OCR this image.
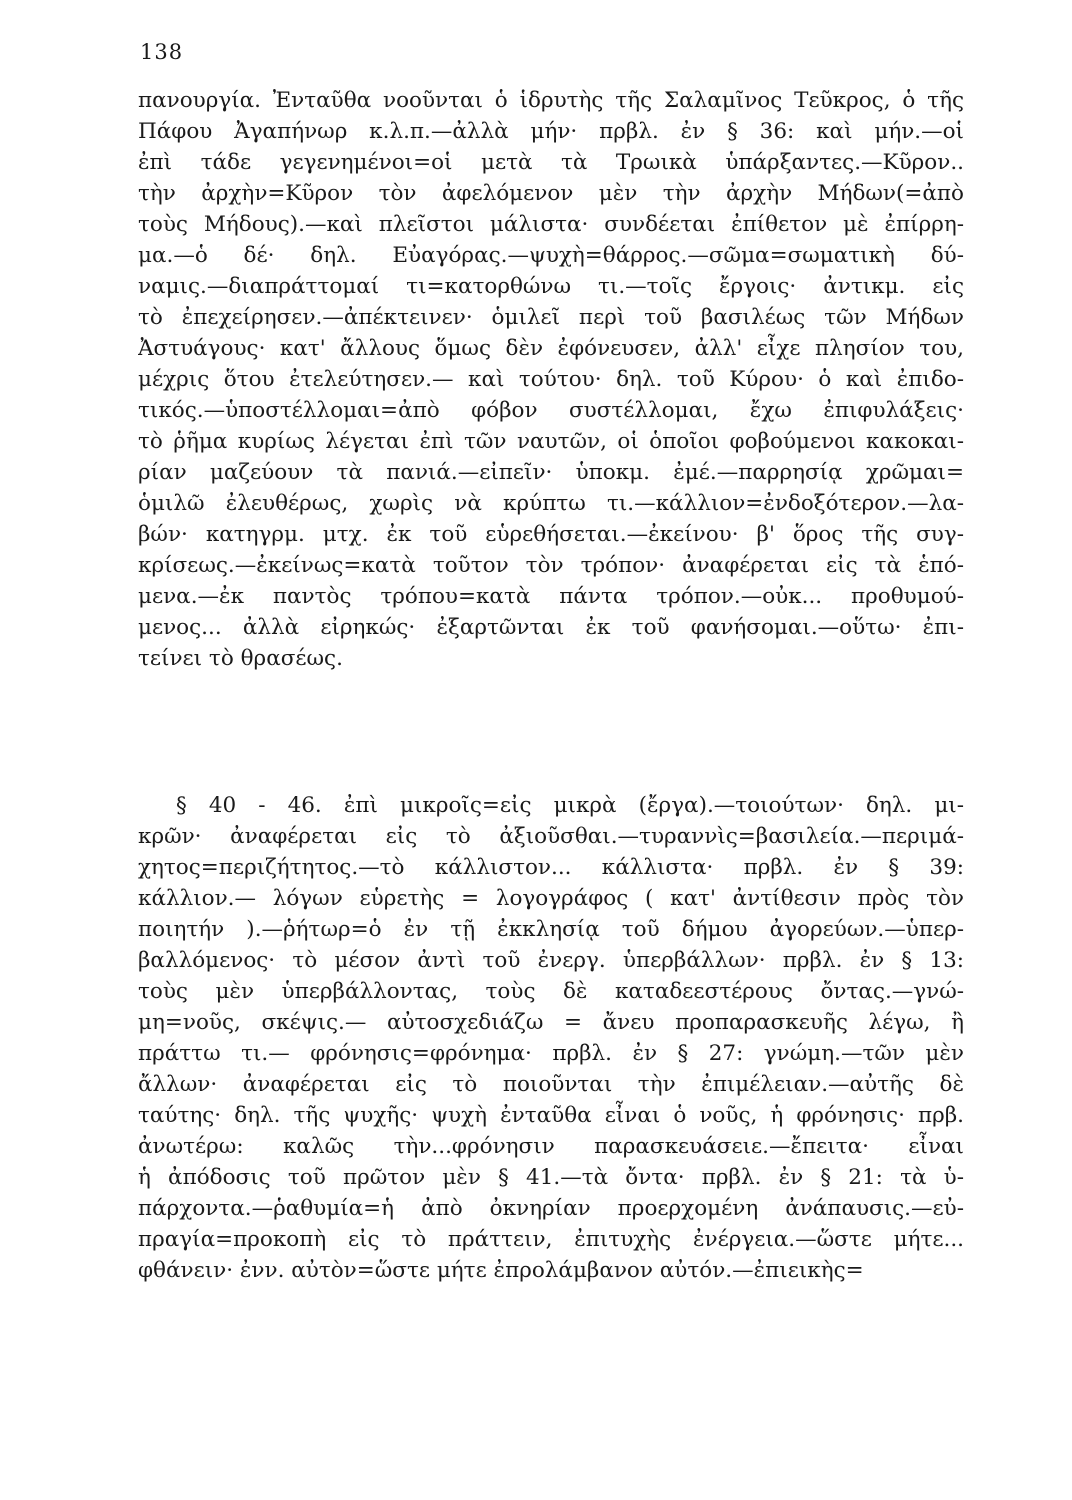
138
πανουργία. Ἐνταῦθα νοοῦνται ὁ ἱδρυτὴς τῆς Σαλαμῖνος Τεῦκρος, ὁ τῆς
Πάφου Ἀγαπήνωρ κ.λ.π.—ἀλλὰ μήν· πρβλ. ἐν § 36: καὶ μήν.—οἱ
ἐπὶ τάδε γεγενημένοι=οἱ μετὰ τὰ Τρωικὰ ὑπάρξαντες.—Κῦρον..
τὴν ἀρχὴν=Κῦρον τὸν ἀφελόμενον μὲν τὴν ἀρχὴν Μήδων(=ἀπὸ
τοὺς Μήδους).—καὶ πλεῖστοι μάλιστα· συνδέεται ἐπίθετον μὲ ἐπίρρη-
μα.—ὁ δέ· δηλ. Εὐαγόρας.—ψυχὴ=θάρρος.—σῶμα=σωματικὴ δύ-
ναμις.—διαπράττομαί τι=κατορθώνω τι.—τοῖς ἔργοις· ἀντικμ. εἰς
τὸ ἐπεχείρησεν.—ἀπέκτεινεν· ὁμιλεῖ περὶ τοῦ βασιλέως τῶν Μήδων
Ἀστυάγους· κατ' ἄλλους ὅμως δὲν ἐφόνευσεν, ἀλλ' εἶχε πλησίον του,
μέχρις ὅτου ἐτελεύτησεν.— καὶ τούτου· δηλ. τοῦ Κύρου· ὁ καὶ ἐπιδο-
τικός.—ὑποστέλλομαι=ἀπὸ φόβον συστέλλομαι, ἔχω ἐπιφυλάξεις·
τὸ ῥῆμα κυρίως λέγεται ἐπὶ τῶν ναυτῶν, οἱ ὁποῖοι φοβούμενοι κακοκαι-
ρίαν μαζεύουν τὰ πανιά.—εἰπεῖν· ὑποκμ. ἐμέ.—παρρησίᾳ χρῶμαι=
ὁμιλῶ ἐλευθέρως, χωρὶς νὰ κρύπτω τι.—κάλλιον=ἐνδοξότερον.—λα-
βών· κατηγρμ. μτχ. ἐκ τοῦ εὑρεθήσεται.—ἐκείνου· β' ὅρος τῆς συγ-
κρίσεως.—ἐκείνως=κατὰ τοῦτον τὸν τρόπον· ἀναφέρεται εἰς τὰ ἑπό-
μενα.—ἐκ παντὸς τρόπου=κατὰ πάντα τρόπον.—οὐκ... προθυμού-
μενος... ἀλλὰ εἰρηκώς· ἐξαρτῶνται ἐκ τοῦ φανήσομαι.—οὕτω· ἐπι-
τείνει τὸ θρασέως.
§ 40 - 46. ἐπὶ μικροῖς=εἰς μικρὰ (ἔργα).—τοιούτων· δηλ. μι-
κρῶν· ἀναφέρεται εἰς τὸ ἀξιοῦσθαι.—τυραννὶς=βασιλεία.—περιμά-
χητος=περιζήτητος.—τὸ κάλλιστον... κάλλιστα· πρβλ. ἐν § 39:
κάλλιον.— λόγων εὑρετὴς = λογογράφος ( κατ' ἀντίθεσιν πρὸς τὸν
ποιητήν ).—ῥήτωρ=ὁ ἐν τῇ ἐκκλησίᾳ τοῦ δήμου ἀγορεύων.—ὑπερ-
βαλλόμενος· τὸ μέσον ἀντὶ τοῦ ἐνεργ. ὑπερβάλλων· πρβλ. ἐν § 13:
τοὺς μὲν ὑπερβάλλοντας, τοὺς δὲ καταδεεστέρους ὄντας.—γνώ-
μη=νοῦς, σκέψις.— αὐτοσχεδιάζω = ἄνευ προπαρασκευῆς λέγω, ἢ
πράττω τι.— φρόνησις=φρόνημα· πρβλ. ἐν § 27: γνώμη.—τῶν μὲν
ἄλλων· ἀναφέρεται εἰς τὸ ποιοῦνται τὴν ἐπιμέλειαν.—αὐτῆς δὲ
ταύτης· δηλ. τῆς ψυχῆς· ψυχὴ ἐνταῦθα εἶναι ὁ νοῦς, ἡ φρόνησις· πρβ.
ἀνωτέρω: καλῶς τὴν...φρόνησιν παρασκευάσειε.—ἔπειτα· εἶναι
ἡ ἀπόδοσις τοῦ πρῶτον μὲν § 41.—τὰ ὄντα· πρβλ. ἐν § 21: τὰ ὑ-
πάρχοντα.—ῥαθυμία=ἡ ἀπὸ ὀκνηρίαν προερχομένη ἀνάπαυσις.—εὐ-
πραγία=προκοπὴ εἰς τὸ πράττειν, ἐπιτυχὴς ἐνέργεια.—ὥστε μήτε...
φθάνειν· ἐνν. αὐτὸν=ὥστε μήτε ἐπρολάμβανον αὐτόν.—ἐπιεικὴς=
